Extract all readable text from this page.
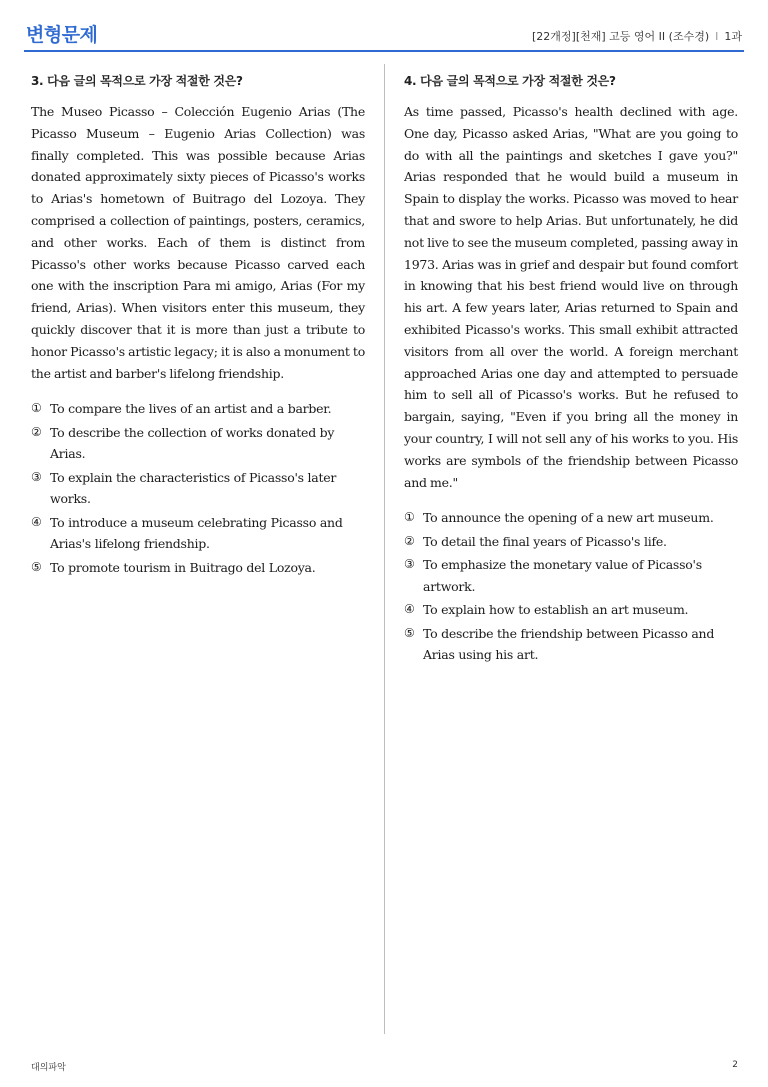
변형문제	[22개정][천재] 고등 영어 II (조수경) I 1과
3. 다음 글의 목적으로 가장 적절한 것은?

The Museo Picasso – Colección Eugenio Arias (The Picasso Museum – Eugenio Arias Collection) was finally completed. This was possible because Arias donated approximately sixty pieces of Picasso's works to Arias's hometown of Buitrago del Lozoya. They comprised a collection of paintings, posters, ceramics, and other works. Each of them is distinct from Picasso's other works because Picasso carved each one with the inscription Para mi amigo, Arias (For my friend, Arias). When visitors enter this museum, they quickly discover that it is more than just a tribute to honor Picasso's artistic legacy; it is also a monument to the artist and barber's lifelong friendship.

① To compare the lives of an artist and a barber.
② To describe the collection of works donated by Arias.
③ To explain the characteristics of Picasso's later works.
④ To introduce a museum celebrating Picasso and Arias's lifelong friendship.
⑤ To promote tourism in Buitrago del Lozoya.
4. 다음 글의 목적으로 가장 적절한 것은?

As time passed, Picasso's health declined with age. One day, Picasso asked Arias, "What are you going to do with all the paintings and sketches I gave you?" Arias responded that he would build a museum in Spain to display the works. Picasso was moved to hear that and swore to help Arias. But unfortunately, he did not live to see the museum completed, passing away in 1973. Arias was in grief and despair but found comfort in knowing that his best friend would live on through his art. A few years later, Arias returned to Spain and exhibited Picasso's works. This small exhibit attracted visitors from all over the world. A foreign merchant approached Arias one day and attempted to persuade him to sell all of Picasso's works. But he refused to bargain, saying, "Even if you bring all the money in your country, I will not sell any of his works to you. His works are symbols of the friendship between Picasso and me."

① To announce the opening of a new art museum.
② To detail the final years of Picasso's life.
③ To emphasize the monetary value of Picasso's artwork.
④ To explain how to establish an art museum.
⑤ To describe the friendship between Picasso and Arias using his art.
대의파악	2
